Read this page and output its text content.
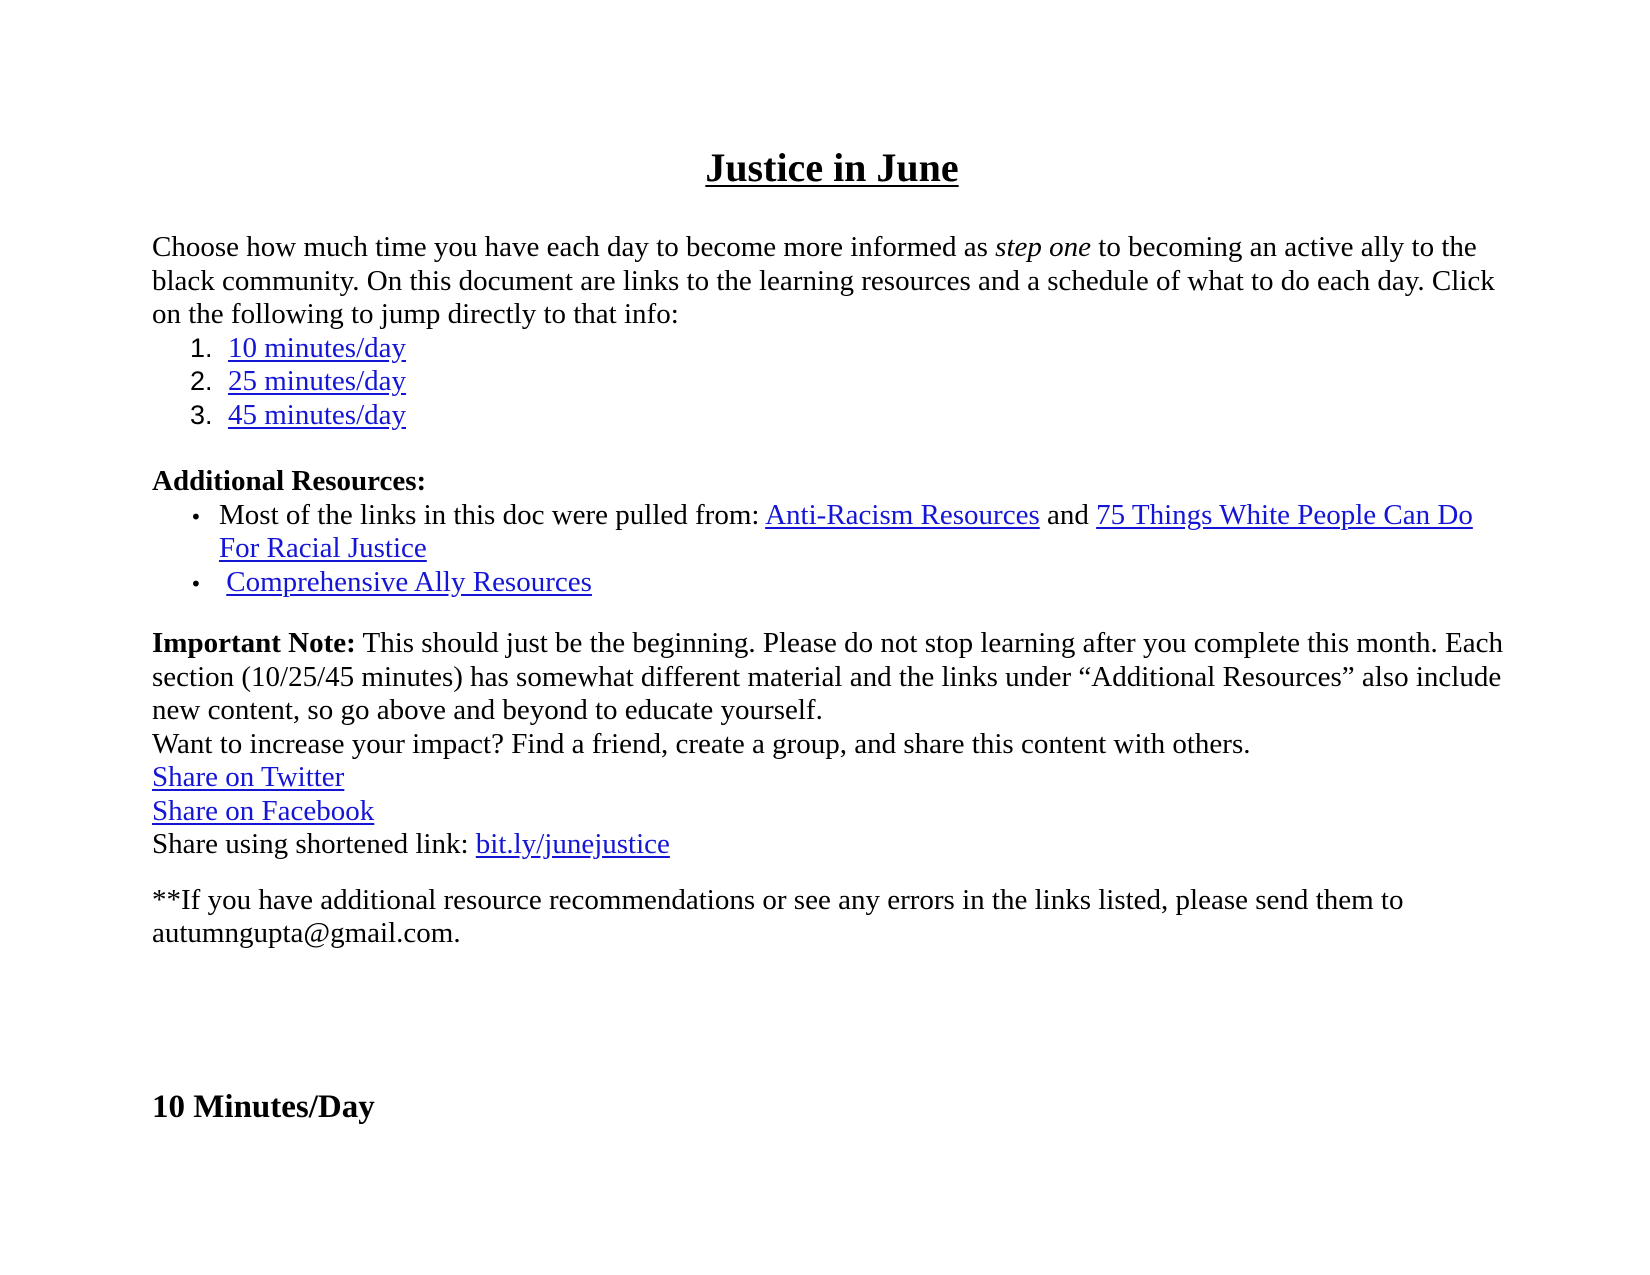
Justice in June

Choose how much time you have each day to become more informed as step one to becoming an active ally to the black community. On this document are links to the learning resources and a schedule of what to do each day. Click on the following to jump directly to that info:

1. 10 minutes/day
2. 25 minutes/day
3. 45 minutes/day

Additional Resources:

• Most of the links in this doc were pulled from: Anti-Racism Resources and 75 Things White People Can Do For Racial Justice
• Comprehensive Ally Resources

Important Note: This should just be the beginning. Please do not stop learning after you complete this month. Each section (10/25/45 minutes) has somewhat different material and the links under “Additional Resources” also include new content, so go above and beyond to educate yourself.

Want to increase your impact? Find a friend, create a group, and share this content with others.

Share on Twitter

Share on Facebook

Share using shortened link: bit.ly/junejustice

**If you have additional resource recommendations or see any errors in the links listed, please send them to autumngupta@gmail.com.

10 Minutes/Day
